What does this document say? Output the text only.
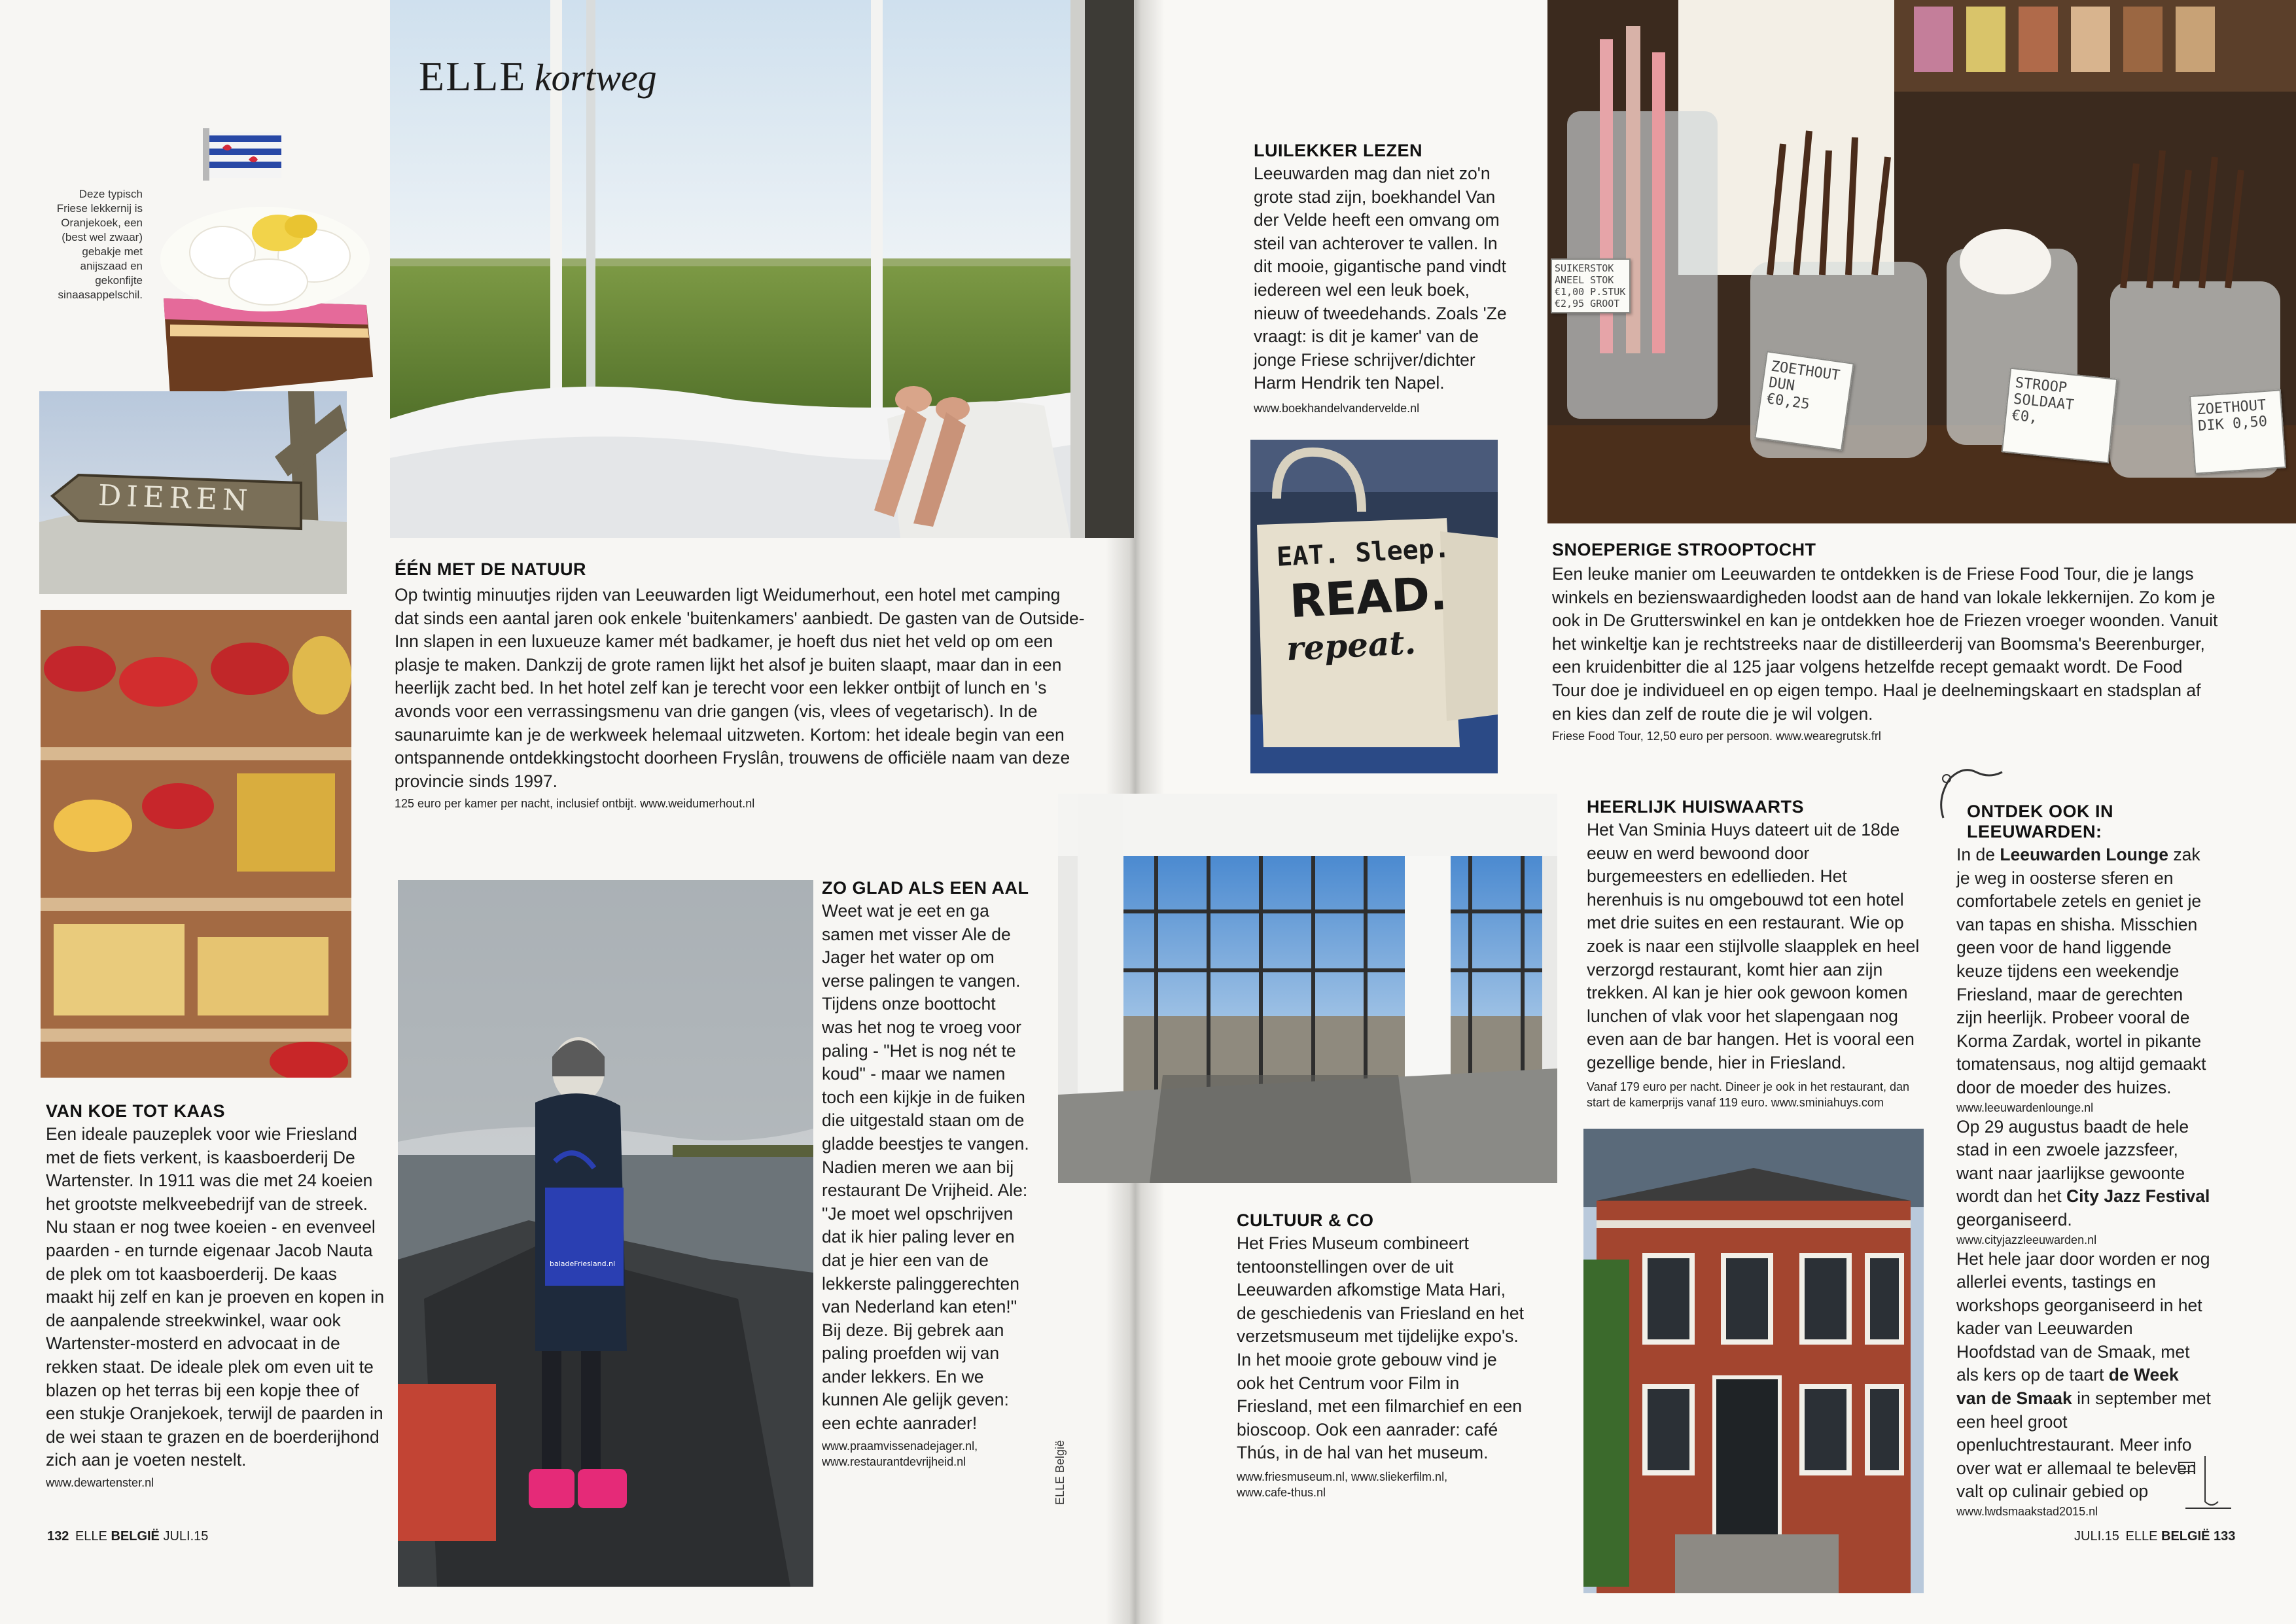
ELLE kortweg
Deze typisch Friese lekkernij is Oranjekoek, een (best wel zwaar) gebakje met anijszaad en gekonfijte sinaasappelschil.
DIEREN
ÉÉN MET DE NATUUR
Op twintig minuutjes rijden van Leeuwarden ligt Weidumerhout, een hotel met camping dat sinds een aantal jaren ook enkele 'buitenkamers' aanbiedt. De gasten van de Outside-Inn slapen in een luxueuze kamer mét badkamer, je hoeft dus niet het veld op om een plasje te maken. Dankzij de grote ramen lijkt het alsof je buiten slaapt, maar dan in een heerlijk zacht bed. In het hotel zelf kan je terecht voor een lekker ontbijt of lunch en 's avonds voor een verrassingsmenu van drie gangen (vis, vlees of vegetarisch). In de saunaruimte kan je de werkweek helemaal uitzweten. Kortom: het ideale begin van een ontspannende ontdekkingstocht doorheen Fryslân, trouwens de officiële naam van deze provincie sinds 1997.
125 euro per kamer per nacht, inclusief ontbijt. www.weidumerhout.nl
baladeFriesland.nl
ZO GLAD ALS EEN AAL
Weet wat je eet en ga samen met visser Ale de Jager het water op om verse palingen te vangen. Tijdens onze boottocht was het nog te vroeg voor paling - "Het is nog nét te koud" - maar we namen toch een kijkje in de fuiken die uitgestald staan om de gladde beestjes te vangen. Nadien meren we aan bij restaurant De Vrijheid. Ale: "Je moet wel opschrijven dat ik hier paling lever en dat je hier een van de lekkerste palinggerechten van Nederland kan eten!" Bij deze. Bij gebrek aan paling proefden wij van ander lekkers. En we kunnen Ale gelijk geven: een echte aanrader!
www.praamvissenadejager.nl,
www.restaurantdevrijheid.nl
VAN KOE TOT KAAS
Een ideale pauzeplek voor wie Friesland met de fiets verkent, is kaasboerderij De Wartenster. In 1911 was die met 24 koeien het grootste melkveebedrijf van de streek. Nu staan er nog twee koeien - en evenveel paarden - en turnde eigenaar Jacob Nauta de plek om tot kaasboerderij. De kaas maakt hij zelf en kan je proeven en kopen in de aanpalende streekwinkel, waar ook Wartenster-mosterd en advocaat in de rekken staat. De ideale plek om even uit te blazen op het terras bij een kopje thee of een stukje Oranjekoek, terwijl de paarden in de wei staan te grazen en de boerderijhond zich aan je voeten nestelt.
www.dewartenster.nl
132 ELLE BELGIË JULI.15
ELLE België
LUILEKKER LEZEN
Leeuwarden mag dan niet zo'n grote stad zijn, boekhandel Van der Velde heeft een omvang om steil van achterover te vallen. In dit mooie, gigantische pand vindt iedereen wel een leuk boek, nieuw of tweedehands. Zoals 'Ze vraagt: is dit je kamer' van de jonge Friese schrijver/dichter Harm Hendrik ten Napel.
www.boekhandelvandervelde.nl
EAT. Sleep.
READ.
repeat.
SUIKERSTOK ANEEL STOK €1,00 P.STUK €2,95 GROOT
ZOETHOUT DUN €0,25
STROOP SOLDAAT €0,	ZOETHOUT DIK 0,50
SNOEPERIGE STROOPTOCHT
Een leuke manier om Leeuwarden te ontdekken is de Friese Food Tour, die je langs winkels en bezienswaardigheden loodst aan de hand van lokale lekkernijen. Zo kom je ook in De Grutterswinkel en kan je ontdekken hoe de Friezen vroeger woonden. Vanuit het winkeltje kan je rechtstreeks naar de distilleerderij van Boomsma's Beerenburger, een kruidenbitter die al 125 jaar volgens hetzelfde recept gemaakt wordt. De Food Tour doe je individueel en op eigen tempo. Haal je deelnemingskaart en stadsplan af en kies dan zelf de route die je wil volgen.
Friese Food Tour, 12,50 euro per persoon. www.wearegrutsk.frl
HEERLIJK HUISWAARTS
Het Van Sminia Huys dateert uit de 18de eeuw en werd bewoond door burgemeesters en edellieden. Het herenhuis is nu omgebouwd tot een hotel met drie suites en een restaurant. Wie op zoek is naar een stijlvolle slaapplek en heel verzorgd restaurant, komt hier aan zijn trekken. Al kan je hier ook gewoon komen lunchen of vlak voor het slapengaan nog even aan de bar hangen. Het is vooral een gezellige bende, hier in Friesland.
Vanaf 179 euro per nacht. Dineer je ook in het restaurant, dan start de kamerprijs vanaf 119 euro. www.sminiahuys.com
ONTDEK OOK IN LEEUWARDEN:
In de Leeuwarden Lounge zak je weg in oosterse sferen en comfortabele zetels en geniet je van tapas en shisha. Misschien geen voor de hand liggende keuze tijdens een weekendje Friesland, maar de gerechten zijn heerlijk. Probeer vooral de Korma Zardak, wortel in pikante tomatensaus, nog altijd gemaakt door de moeder des huizes.
www.leeuwardenlounge.nl
Op 29 augustus baadt de hele stad in een zwoele jazzsfeer, want naar jaarlijkse gewoonte wordt dan het City Jazz Festival georganiseerd.
www.cityjazzleeuwarden.nl
Het hele jaar door worden er nog allerlei events, tastings en workshops georganiseerd in het kader van Leeuwarden Hoofdstad van de Smaak, met als kers op de taart de Week van de Smaak in september met een heel groot openluchtrestaurant. Meer info over wat er allemaal te beleven valt op culinair gebied op
www.lwdsmaakstad2015.nl
CULTUUR & CO
Het Fries Museum combineert tentoonstellingen over de uit Leeuwarden afkomstige Mata Hari, de geschiedenis van Friesland en het verzetsmuseum met tijdelijke expo's. In het mooie grote gebouw vind je ook het Centrum voor Film in Friesland, met een filmarchief en een bioscoop. Ook een aanrader: café Thús, in de hal van het museum.
www.friesmuseum.nl, www.sliekerfilm.nl,
www.cafe-thus.nl
JULI.15 ELLE BELGIË 133
